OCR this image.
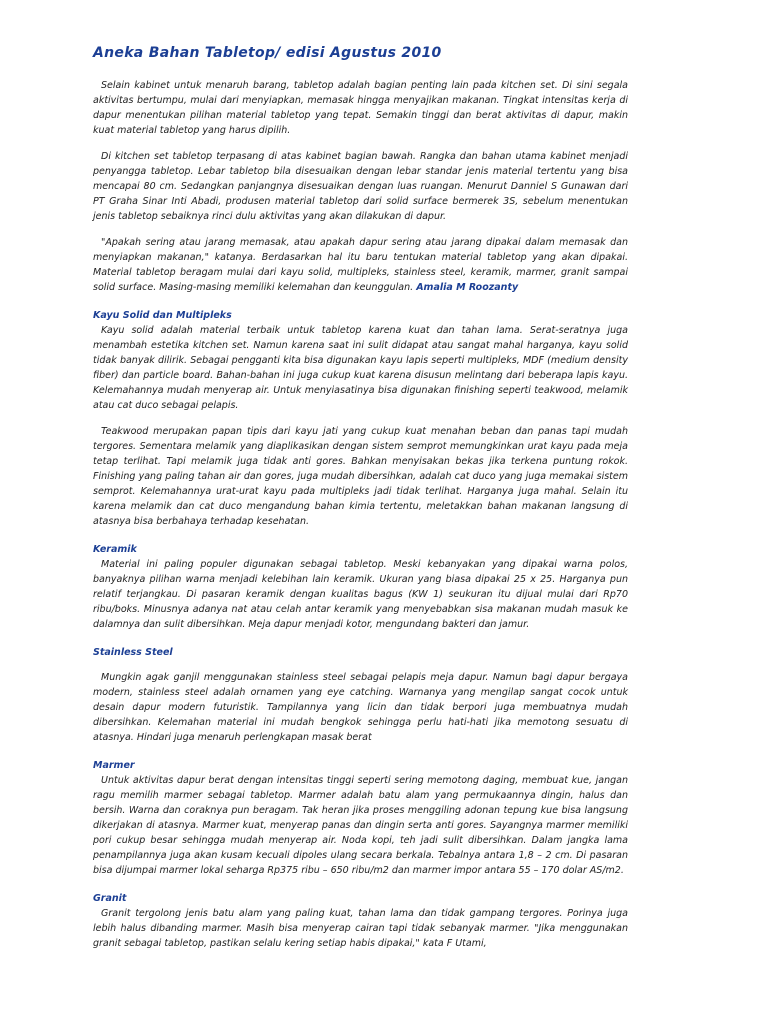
Aneka Bahan Tabletop/ edisi Agustus 2010

Selain kabinet untuk menaruh barang, tabletop adalah bagian penting lain pada kitchen set. Di sini segala aktivitas bertumpu, mulai dari menyiapkan, memasak hingga menyajikan makanan. Tingkat intensitas kerja di dapur menentukan pilihan material tabletop yang tepat. Semakin tinggi dan berat aktivitas di dapur, makin kuat material tabletop yang harus dipilih.

Di kitchen set tabletop terpasang di atas kabinet bagian bawah. Rangka dan bahan utama kabinet menjadi penyangga tabletop. Lebar tabletop bila disesuaikan dengan lebar standar jenis material tertentu yang bisa mencapai 80 cm. Sedangkan panjangnya disesuaikan dengan luas ruangan. Menurut Danniel S Gunawan dari PT Graha Sinar Inti Abadi, produsen material tabletop dari solid surface bermerek 3S, sebelum menentukan jenis tabletop sebaiknya rinci dulu aktivitas yang akan dilakukan di dapur.

"Apakah sering atau jarang memasak, atau apakah dapur sering atau jarang dipakai dalam memasak dan menyiapkan makanan," katanya. Berdasarkan hal itu baru tentukan material tabletop yang akan dipakai. Material tabletop beragam mulai dari kayu solid, multipleks, stainless steel, keramik, marmer, granit sampai solid surface. Masing-masing memiliki kelemahan dan keunggulan. Amalia M Roozanty

Kayu Solid dan Multipleks

Kayu solid adalah material terbaik untuk tabletop karena kuat dan tahan lama. Serat-seratnya juga menambah estetika kitchen set. Namun karena saat ini sulit didapat atau sangat mahal harganya, kayu solid tidak banyak dilirik. Sebagai pengganti kita bisa digunakan kayu lapis seperti multipleks, MDF (medium density fiber) dan particle board. Bahan-bahan ini juga cukup kuat karena disusun melintang dari beberapa lapis kayu. Kelemahannya mudah menyerap air. Untuk menyiasatinya bisa digunakan finishing seperti teakwood, melamik atau cat duco sebagai pelapis.

Teakwood merupakan papan tipis dari kayu jati yang cukup kuat menahan beban dan panas tapi mudah tergores. Sementara melamik yang diaplikasikan dengan sistem semprot memungkinkan urat kayu pada meja tetap terlihat. Tapi melamik juga tidak anti gores. Bahkan menyisakan bekas jika terkena puntung rokok. Finishing yang paling tahan air dan gores, juga mudah dibersihkan, adalah cat duco yang juga memakai sistem semprot. Kelemahannya urat-urat kayu pada multipleks jadi tidak terlihat. Harganya juga mahal. Selain itu karena melamik dan cat duco mengandung bahan kimia tertentu, meletakkan bahan makanan langsung di atasnya bisa berbahaya terhadap kesehatan.

Keramik

Material ini paling populer digunakan sebagai tabletop. Meski kebanyakan yang dipakai warna polos, banyaknya pilihan warna menjadi kelebihan lain keramik. Ukuran yang biasa dipakai 25 x 25. Harganya pun relatif terjangkau. Di pasaran keramik dengan kualitas bagus (KW 1) seukuran itu dijual mulai dari Rp70 ribu/boks. Minusnya adanya nat atau celah antar keramik yang menyebabkan sisa makanan mudah masuk ke dalamnya dan sulit dibersihkan. Meja dapur menjadi kotor, mengundang bakteri dan jamur.

Stainless Steel

Mungkin agak ganjil menggunakan stainless steel sebagai pelapis meja dapur. Namun bagi dapur bergaya modern, stainless steel adalah ornamen yang eye catching. Warnanya yang mengilap sangat cocok untuk desain dapur modern futuristik. Tampilannya yang licin dan tidak berpori juga membuatnya mudah dibersihkan. Kelemahan material ini mudah bengkok sehingga perlu hati-hati jika memotong sesuatu di atasnya. Hindari juga menaruh perlengkapan masak berat

Marmer

Untuk aktivitas dapur berat dengan intensitas tinggi seperti sering memotong daging, membuat kue, jangan ragu memilih marmer sebagai tabletop. Marmer adalah batu alam yang permukaannya dingin, halus dan bersih. Warna dan coraknya pun beragam. Tak heran jika proses menggiling adonan tepung kue bisa langsung dikerjakan di atasnya. Marmer kuat, menyerap panas dan dingin serta anti gores. Sayangnya marmer memiliki pori cukup besar sehingga mudah menyerap air. Noda kopi, teh jadi sulit dibersihkan. Dalam jangka lama penampilannya juga akan kusam kecuali dipoles ulang secara berkala. Tebalnya antara 1,8 – 2 cm. Di pasaran bisa dijumpai marmer lokal seharga Rp375 ribu – 650 ribu/m2 dan marmer impor antara 55 – 170 dolar AS/m2.

Granit

Granit tergolong jenis batu alam yang paling kuat, tahan lama dan tidak gampang tergores. Porinya juga lebih halus dibanding marmer. Masih bisa menyerap cairan tapi tidak sebanyak marmer. "Jika menggunakan granit sebagai tabletop, pastikan selalu kering setiap habis dipakai," kata F Utami,
